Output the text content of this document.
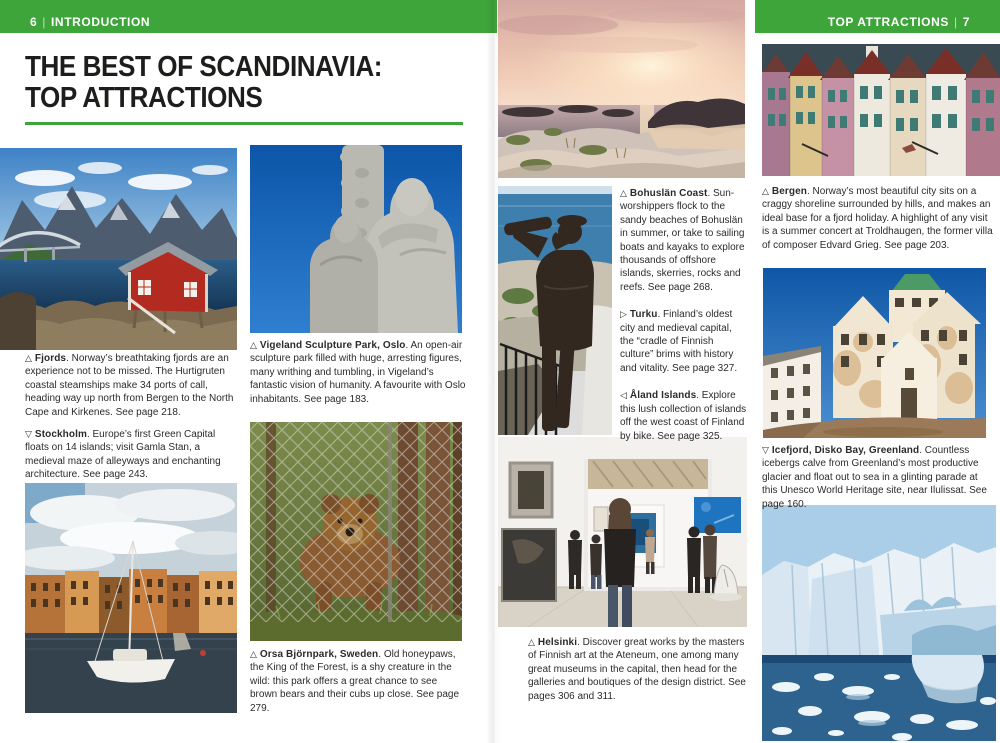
6 | INTRODUCTION	TOP ATTRACTIONS | 7
THE BEST OF SCANDINAVIA:
TOP ATTRACTIONS

△ Fjords. Norway’s breathtaking fjords are an experience not to be missed. The Hurtigruten coastal steamships make 34 ports of call, heading way up north from Bergen to the North Cape and Kirkenes. See page 218.

▽ Stockholm. Europe’s first Green Capital floats on 14 islands; visit Gamla Stan, a medieval maze of alleyways and enchanting architecture. See page 243.

△ Vigeland Sculpture Park, Oslo. An open-air sculpture park filled with huge, arresting figures, many writhing and tumbling, in Vigeland’s fantastic vision of humanity. A favourite with Oslo inhabitants. See page 183.

△ Orsa Björnpark, Sweden. Old honeypaws, the King of the Forest, is a shy creature in the wild: this park offers a great chance to see brown bears and their cubs up close. See page 279.

△ Bohuslän Coast. Sun-worshippers flock to the sandy beaches of Bohuslän in summer, or take to sailing boats and kayaks to explore thousands of offshore islands, skerries, rocks and reefs. See page 268.

▷ Turku. Finland’s oldest city and medieval capital, the “cradle of Finnish culture” brims with history and vitality. See page 327.

◁ Åland Islands. Explore this lush collection of islands off the west coast of Finland by bike. See page 325.

△ Helsinki. Discover great works by the masters of Finnish art at the Ateneum, one among many great museums in the capital, then head for the galleries and boutiques of the design district. See pages 306 and 311.

△ Bergen. Norway’s most beautiful city sits on a craggy shoreline surrounded by hills, and makes an ideal base for a fjord holiday. A highlight of any visit is a summer concert at Troldhaugen, the former villa of composer Edvard Grieg. See page 203.

▽ Icefjord, Disko Bay, Greenland. Countless icebergs calve from Greenland’s most productive glacier and float out to sea in a glinting parade at this Unesco World Heritage site, near Ilulissat. See page 160.
